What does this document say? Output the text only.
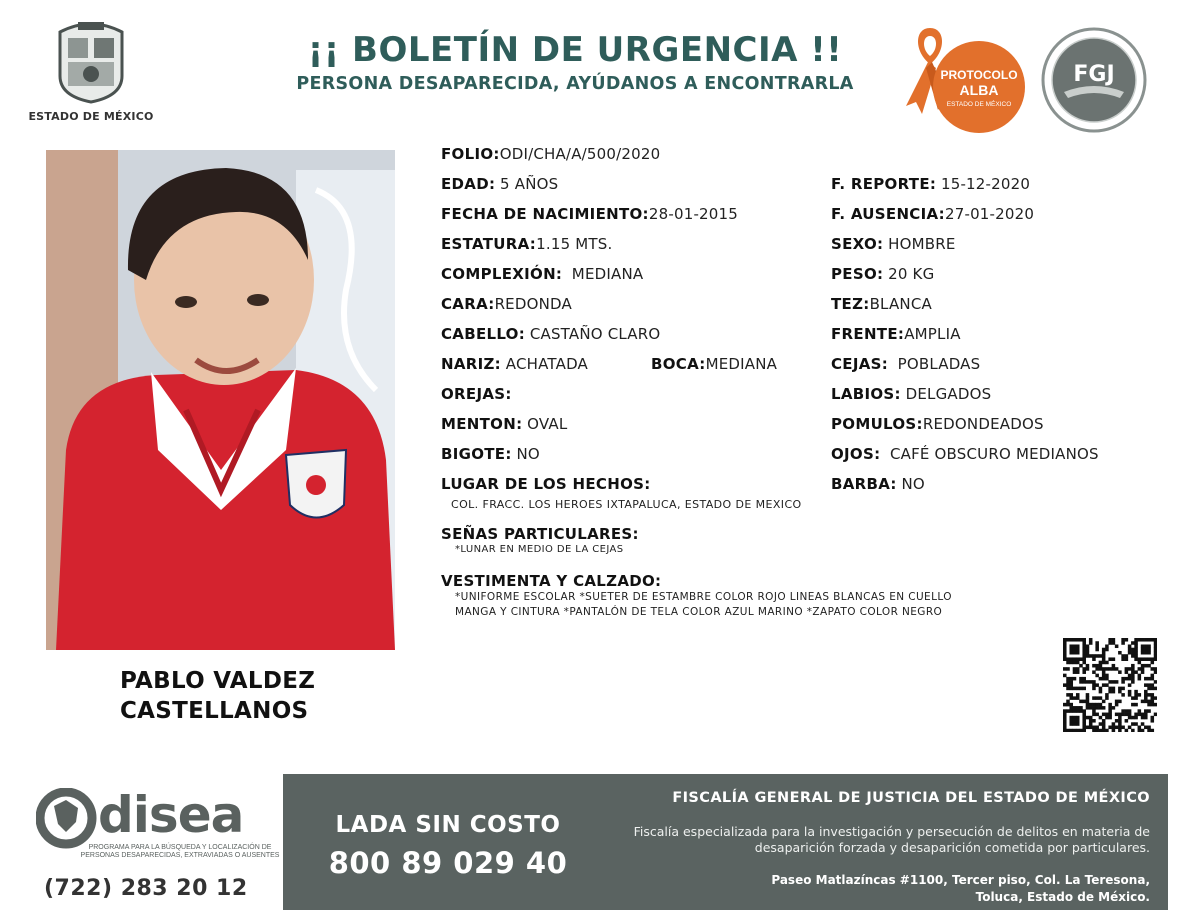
ESTADO DE MÉXICO
¡¡ BOLETÍN DE URGENCIA !!
PERSONA DESAPARECIDA, AYÚDANOS A ENCONTRARLA	PROTOCOLO
ALBA
ESTADO DE MÉXICO
FGJ
PABLO VALDEZ
CASTELLANOS
FOLIO:ODI/CHA/A/500/2020
EDAD: 5 AÑOS
FECHA DE NACIMIENTO:28-01-2015
ESTATURA:1.15 MTS.
COMPLEXIÓN: MEDIANA
CARA:REDONDA
CABELLO: CASTAÑO CLARO
NARIZ: ACHATADA	BOCA:MEDIANA
OREJAS:
MENTON: OVAL
BIGOTE: NO
LUGAR DE LOS HECHOS:
COL. FRACC. LOS HEROES IXTAPALUCA, ESTADO DE MEXICO
SEÑAS PARTICULARES:
*LUNAR EN MEDIO DE LA CEJAS
VESTIMENTA Y CALZADO:
*UNIFORME ESCOLAR *SUETER DE ESTAMBRE COLOR ROJO LINEAS BLANCAS EN CUELLO
MANGA Y CINTURA *PANTALÓN DE TELA COLOR AZUL MARINO *ZAPATO COLOR NEGRO
F. REPORTE: 15-12-2020
F. AUSENCIA:27-01-2020
SEXO: HOMBRE
PESO: 20 KG
TEZ:BLANCA
FRENTE:AMPLIA
CEJAS: POBLADAS
LABIOS: DELGADOS
POMULOS:REDONDEADOS
OJOS: CAFÉ OBSCURO MEDIANOS
BARBA: NO
disea
PROGRAMA PARA LA BÚSQUEDA Y LOCALIZACIÓN DE PERSONAS DESAPARECIDAS, EXTRAVIADAS O AUSENTES
(722) 283 20 12
LADA SIN COSTO
800 89 029 40
FISCALÍA GENERAL DE JUSTICIA DEL ESTADO DE MÉXICO
Fiscalía especializada para la investigación y persecución de delitos en materia de desaparición forzada y desaparición cometida por particulares.
Paseo Matlazíncas #1100, Tercer piso, Col. La Teresona,
Toluca, Estado de México.
